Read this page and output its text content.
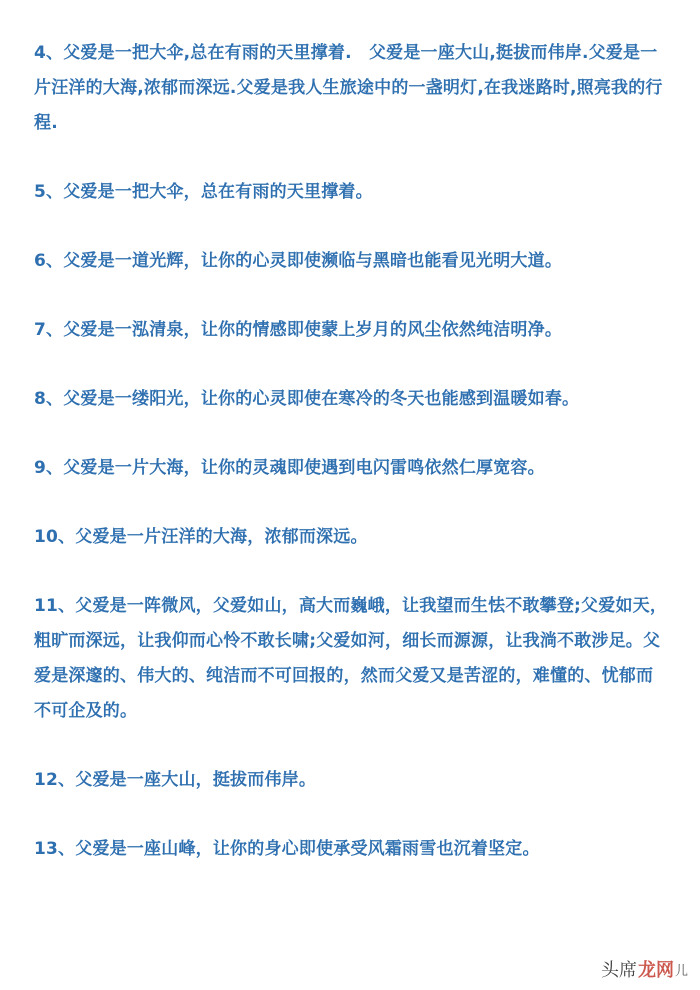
4、父爱是一把大伞,总在有雨的天里撑着.　父爱是一座大山,挺拔而伟岸.父爱是一片汪洋的大海,浓郁而深远.父爱是我人生旅途中的一盏明灯,在我迷路时,照亮我的行程.

5、父爱是一把大伞，总在有雨的天里撑着。

6、父爱是一道光辉，让你的心灵即使濒临与黑暗也能看见光明大道。

7、父爱是一泓清泉，让你的情感即使蒙上岁月的风尘依然纯洁明净。

8、父爱是一缕阳光，让你的心灵即使在寒冷的冬天也能感到温暖如春。

9、父爱是一片大海，让你的灵魂即使遇到电闪雷鸣依然仁厚宽容。

10、父爱是一片汪洋的大海，浓郁而深远。

11、父爱是一阵微风，父爱如山，高大而巍峨，让我望而生怯不敢攀登;父爱如天，粗旷而深远，让我仰而心怜不敢长啸;父爱如河，细长而源源，让我淌不敢涉足。父爱是深邃的、伟大的、纯洁而不可回报的，然而父爱又是苦涩的，难懂的、忧郁而不可企及的。

12、父爱是一座大山，挺拔而伟岸。

13、父爱是一座山峰，让你的身心即使承受风霜雨雪也沉着坚定。

头席 龙网 儿
